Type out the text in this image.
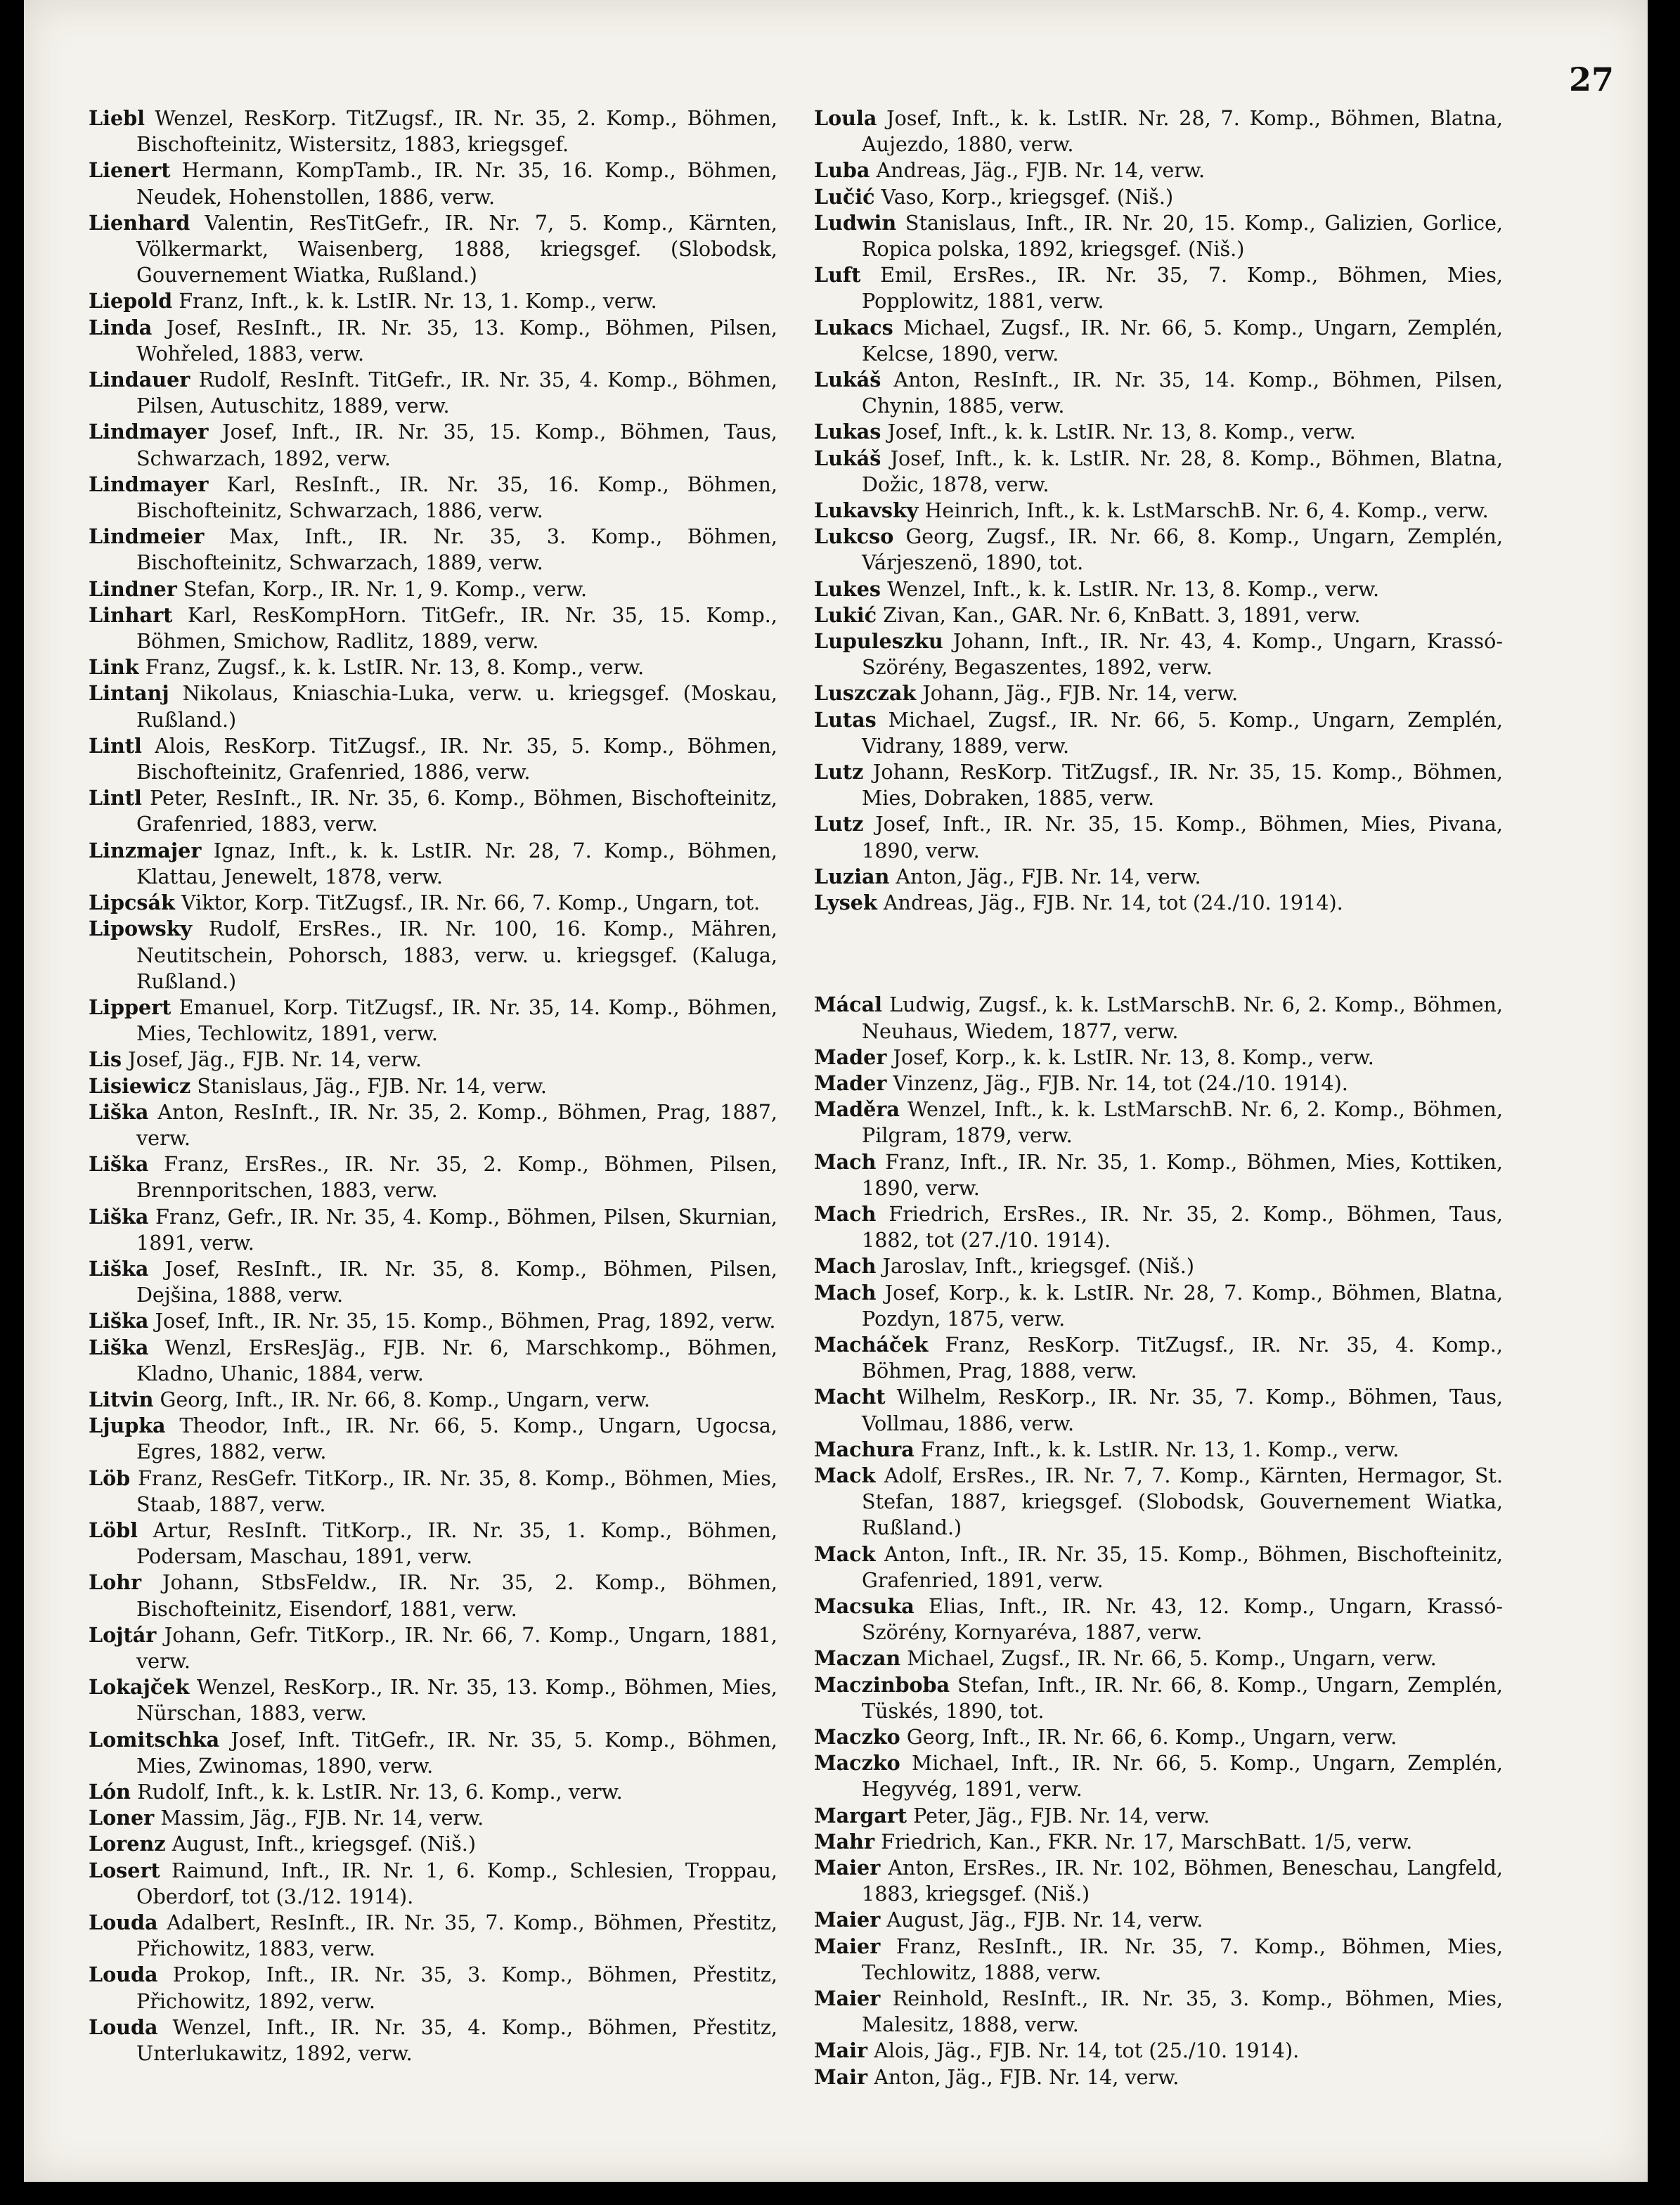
27

Liebl Wenzel, ResKorp. TitZugsf., IR. Nr. 35, 2. Komp., Böhmen, Bischofteinitz, Wistersitz, 1883, kriegsgef.

Lienert Hermann, KompTamb., IR. Nr. 35, 16. Komp., Böhmen, Neudek, Hohenstollen, 1886, verw.

Lienhard Valentin, ResTitGefr., IR. Nr. 7, 5. Komp., Kärnten, Völkermarkt, Waisenberg, 1888, kriegsgef. (Slobodsk, Gouvernement Wiatka, Rußland.)

Liepold Franz, Inft., k. k. LstIR. Nr. 13, 1. Komp., verw.

Linda Josef, ResInft., IR. Nr. 35, 13. Komp., Böhmen, Pilsen, Wohřeled, 1883, verw.

Lindauer Rudolf, ResInft. TitGefr., IR. Nr. 35, 4. Komp., Böhmen, Pilsen, Autuschitz, 1889, verw.

Lindmayer Josef, Inft., IR. Nr. 35, 15. Komp., Böhmen, Taus, Schwarzach, 1892, verw.

Lindmayer Karl, ResInft., IR. Nr. 35, 16. Komp., Böhmen, Bischofteinitz, Schwarzach, 1886, verw.

Lindmeier Max, Inft., IR. Nr. 35, 3. Komp., Böhmen, Bischofteinitz, Schwarzach, 1889, verw.

Lindner Stefan, Korp., IR. Nr. 1, 9. Komp., verw.

Linhart Karl, ResKompHorn. TitGefr., IR. Nr. 35, 15. Komp., Böhmen, Smichow, Radlitz, 1889, verw.

Link Franz, Zugsf., k. k. LstIR. Nr. 13, 8. Komp., verw.

Lintanj Nikolaus, Kniaschia-Luka, verw. u. kriegsgef. (Moskau, Rußland.)

Lintl Alois, ResKorp. TitZugsf., IR. Nr. 35, 5. Komp., Böhmen, Bischofteinitz, Grafenried, 1886, verw.

Lintl Peter, ResInft., IR. Nr. 35, 6. Komp., Böhmen, Bischofteinitz, Grafenried, 1883, verw.

Linzmajer Ignaz, Inft., k. k. LstIR. Nr. 28, 7. Komp., Böhmen, Klattau, Jenewelt, 1878, verw.

Lipcsák Viktor, Korp. TitZugsf., IR. Nr. 66, 7. Komp., Ungarn, tot.

Lipowsky Rudolf, ErsRes., IR. Nr. 100, 16. Komp., Mähren, Neutitschein, Pohorsch, 1883, verw. u. kriegsgef. (Kaluga, Rußland.)

Lippert Emanuel, Korp. TitZugsf., IR. Nr. 35, 14. Komp., Böhmen, Mies, Techlowitz, 1891, verw.

Lis Josef, Jäg., FJB. Nr. 14, verw.

Lisiewicz Stanislaus, Jäg., FJB. Nr. 14, verw.

Liška Anton, ResInft., IR. Nr. 35, 2. Komp., Böhmen, Prag, 1887, verw.

Liška Franz, ErsRes., IR. Nr. 35, 2. Komp., Böhmen, Pilsen, Brennporitschen, 1883, verw.

Liška Franz, Gefr., IR. Nr. 35, 4. Komp., Böhmen, Pilsen, Skurnian, 1891, verw.

Liška Josef, ResInft., IR. Nr. 35, 8. Komp., Böhmen, Pilsen, Dejšina, 1888, verw.

Liška Josef, Inft., IR. Nr. 35, 15. Komp., Böhmen, Prag, 1892, verw.

Liška Wenzl, ErsResJäg., FJB. Nr. 6, Marschkomp., Böhmen, Kladno, Uhanic, 1884, verw.

Litvin Georg, Inft., IR. Nr. 66, 8. Komp., Ungarn, verw.

Ljupka Theodor, Inft., IR. Nr. 66, 5. Komp., Ungarn, Ugocsa, Egres, 1882, verw.

Löb Franz, ResGefr. TitKorp., IR. Nr. 35, 8. Komp., Böhmen, Mies, Staab, 1887, verw.

Löbl Artur, ResInft. TitKorp., IR. Nr. 35, 1. Komp., Böhmen, Podersam, Maschau, 1891, verw.

Lohr Johann, StbsFeldw., IR. Nr. 35, 2. Komp., Böhmen, Bischofteinitz, Eisendorf, 1881, verw.

Lojtár Johann, Gefr. TitKorp., IR. Nr. 66, 7. Komp., Ungarn, 1881, verw.

Lokajček Wenzel, ResKorp., IR. Nr. 35, 13. Komp., Böhmen, Mies, Nürschan, 1883, verw.

Lomitschka Josef, Inft. TitGefr., IR. Nr. 35, 5. Komp., Böhmen, Mies, Zwinomas, 1890, verw.

Lón Rudolf, Inft., k. k. LstIR. Nr. 13, 6. Komp., verw.

Loner Massim, Jäg., FJB. Nr. 14, verw.

Lorenz August, Inft., kriegsgef. (Niš.)

Losert Raimund, Inft., IR. Nr. 1, 6. Komp., Schlesien, Troppau, Oberdorf, tot (3./12. 1914).

Louda Adalbert, ResInft., IR. Nr. 35, 7. Komp., Böhmen, Přestitz, Přichowitz, 1883, verw.

Louda Prokop, Inft., IR. Nr. 35, 3. Komp., Böhmen, Přestitz, Přichowitz, 1892, verw.

Louda Wenzel, Inft., IR. Nr. 35, 4. Komp., Böhmen, Přestitz, Unterlukawitz, 1892, verw.

Loula Josef, Inft., k. k. LstIR. Nr. 28, 7. Komp., Böhmen, Blatna, Aujezdo, 1880, verw.

Luba Andreas, Jäg., FJB. Nr. 14, verw.

Lučić Vaso, Korp., kriegsgef. (Niš.)

Ludwin Stanislaus, Inft., IR. Nr. 20, 15. Komp., Galizien, Gorlice, Ropica polska, 1892, kriegsgef. (Niš.)

Luft Emil, ErsRes., IR. Nr. 35, 7. Komp., Böhmen, Mies, Popplowitz, 1881, verw.

Lukacs Michael, Zugsf., IR. Nr. 66, 5. Komp., Ungarn, Zemplén, Kelcse, 1890, verw.

Lukáš Anton, ResInft., IR. Nr. 35, 14. Komp., Böhmen, Pilsen, Chynin, 1885, verw.

Lukas Josef, Inft., k. k. LstIR. Nr. 13, 8. Komp., verw.

Lukáš Josef, Inft., k. k. LstIR. Nr. 28, 8. Komp., Böhmen, Blatna, Dožic, 1878, verw.

Lukavsky Heinrich, Inft., k. k. LstMarschB. Nr. 6, 4. Komp., verw.

Lukcso Georg, Zugsf., IR. Nr. 66, 8. Komp., Ungarn, Zemplén, Várjeszenö, 1890, tot.

Lukes Wenzel, Inft., k. k. LstIR. Nr. 13, 8. Komp., verw.

Lukić Zivan, Kan., GAR. Nr. 6, KnBatt. 3, 1891, verw.

Lupuleszku Johann, Inft., IR. Nr. 43, 4. Komp., Ungarn, Krassó-Szörény, Begaszentes, 1892, verw.

Luszczak Johann, Jäg., FJB. Nr. 14, verw.

Lutas Michael, Zugsf., IR. Nr. 66, 5. Komp., Ungarn, Zemplén, Vidrany, 1889, verw.

Lutz Johann, ResKorp. TitZugsf., IR. Nr. 35, 15. Komp., Böhmen, Mies, Dobraken, 1885, verw.

Lutz Josef, Inft., IR. Nr. 35, 15. Komp., Böhmen, Mies, Pivana, 1890, verw.

Luzian Anton, Jäg., FJB. Nr. 14, verw.

Lysek Andreas, Jäg., FJB. Nr. 14, tot (24./10. 1914).

Mácal Ludwig, Zugsf., k. k. LstMarschB. Nr. 6, 2. Komp., Böhmen, Neuhaus, Wiedem, 1877, verw.

Mader Josef, Korp., k. k. LstIR. Nr. 13, 8. Komp., verw.

Mader Vinzenz, Jäg., FJB. Nr. 14, tot (24./10. 1914).

Maděra Wenzel, Inft., k. k. LstMarschB. Nr. 6, 2. Komp., Böhmen, Pilgram, 1879, verw.

Mach Franz, Inft., IR. Nr. 35, 1. Komp., Böhmen, Mies, Kottiken, 1890, verw.

Mach Friedrich, ErsRes., IR. Nr. 35, 2. Komp., Böhmen, Taus, 1882, tot (27./10. 1914).

Mach Jaroslav, Inft., kriegsgef. (Niš.)

Mach Josef, Korp., k. k. LstIR. Nr. 28, 7. Komp., Böhmen, Blatna, Pozdyn, 1875, verw.

Macháček Franz, ResKorp. TitZugsf., IR. Nr. 35, 4. Komp., Böhmen, Prag, 1888, verw.

Macht Wilhelm, ResKorp., IR. Nr. 35, 7. Komp., Böhmen, Taus, Vollmau, 1886, verw.

Machura Franz, Inft., k. k. LstIR. Nr. 13, 1. Komp., verw.

Mack Adolf, ErsRes., IR. Nr. 7, 7. Komp., Kärnten, Hermagor, St. Stefan, 1887, kriegsgef. (Slobodsk, Gouvernement Wiatka, Rußland.)

Mack Anton, Inft., IR. Nr. 35, 15. Komp., Böhmen, Bischofteinitz, Grafenried, 1891, verw.

Macsuka Elias, Inft., IR. Nr. 43, 12. Komp., Ungarn, Krassó-Szörény, Kornyaréva, 1887, verw.

Maczan Michael, Zugsf., IR. Nr. 66, 5. Komp., Ungarn, verw.

Maczinboba Stefan, Inft., IR. Nr. 66, 8. Komp., Ungarn, Zemplén, Tüskés, 1890, tot.

Maczko Georg, Inft., IR. Nr. 66, 6. Komp., Ungarn, verw.

Maczko Michael, Inft., IR. Nr. 66, 5. Komp., Ungarn, Zemplén, Hegyvég, 1891, verw.

Margart Peter, Jäg., FJB. Nr. 14, verw.

Mahr Friedrich, Kan., FKR. Nr. 17, MarschBatt. 1/5, verw.

Maier Anton, ErsRes., IR. Nr. 102, Böhmen, Beneschau, Langfeld, 1883, kriegsgef. (Niš.)

Maier August, Jäg., FJB. Nr. 14, verw.

Maier Franz, ResInft., IR. Nr. 35, 7. Komp., Böhmen, Mies, Techlowitz, 1888, verw.

Maier Reinhold, ResInft., IR. Nr. 35, 3. Komp., Böhmen, Mies, Malesitz, 1888, verw.

Mair Alois, Jäg., FJB. Nr. 14, tot (25./10. 1914).

Mair Anton, Jäg., FJB. Nr. 14, verw.
